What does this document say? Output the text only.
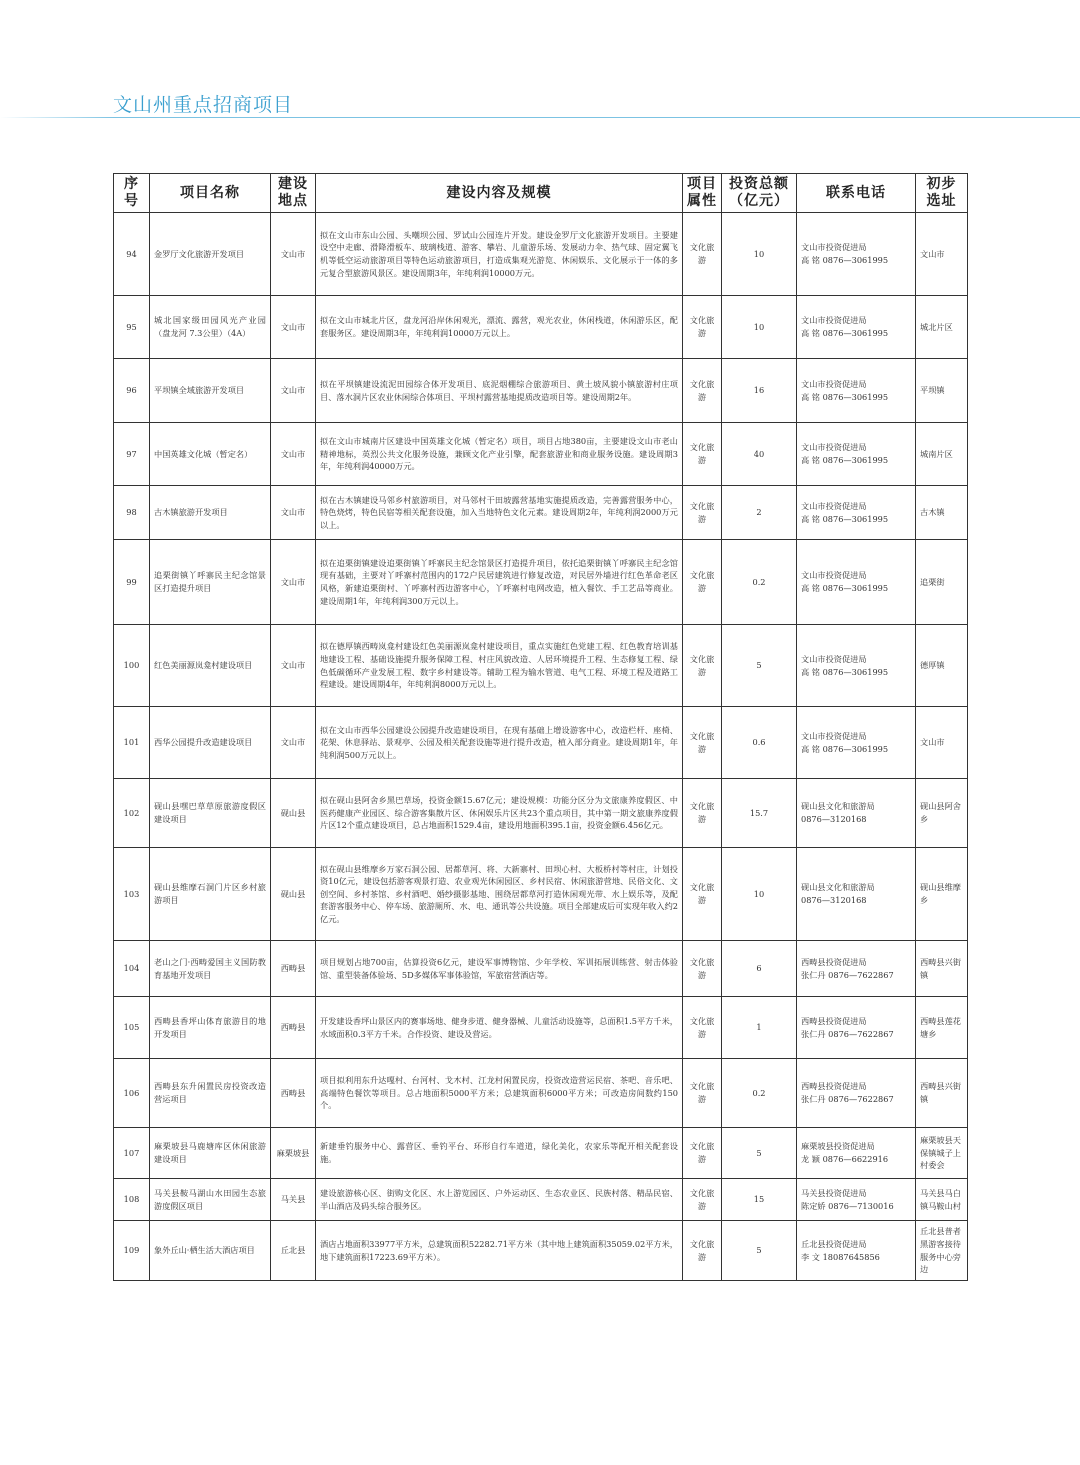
文山州重点招商项目
序号	项目名称	建设
地点	建设内容及规模	项目
属性	投资总额
（亿元）	联系电话	初步
选址

94	金罗厅文化旅游开发项目	文山市	拟在文山市东山公园、头嘲坝公园、罗试山公园连片开发。建设金罗厅文化旅游开发项目。主要建设空中走廊、滑降滑板车、玻璃栈道、游客、攀岩、儿童游乐场、发展动力伞、热气球、固定翼飞机等低空运动旅游项目等特色运动旅游项目，打造成集观光游览、休闲娱乐、文化展示于一体的多元复合型旅游风景区。建设周期3年，年纯利润10000万元。	文化旅游	10	文山市投资促进局
高 铭 0876—3061995	文山市
95	城北国家级田园风光产业园（盘龙河 7.3公里）（4A）	文山市	拟在文山市城北片区，盘龙河沿岸休闲观光，漂流、露营，观光农业，休闲栈道，休闲游乐区，配套服务区。建设周期3年，年纯利润10000万元以上。	文化旅游	10	文山市投资促进局
高 铭 0876—3061995	城北片区
96	平坝镇全域旅游开发项目	文山市	拟在平坝镇建设流泥田园综合体开发项目、底泥烟棚综合旅游项目、黄土坡风貌小镇旅游村庄项目、落水洞片区农业休闲综合体项目、平坝村露营基地提质改造项目等。建设周期2年。	文化旅游	16	文山市投资促进局
高 铭 0876—3061995	平坝镇
97	中国英雄文化城（暂定名）	文山市	拟在文山市城南片区建设中国英雄文化城（暂定名）项目，项目占地380亩，主要建设文山市老山精神地标，英烈公共文化服务设施，兼顾文化产业引擎，配套旅游业和商业服务设施。建设周期3年，年纯利润40000万元。	文化旅游	40	文山市投资促进局
高 铭 0876—3061995	城南片区
98	古木镇旅游开发项目	文山市	拟在古木镇建设马邻乡村旅游项目，对马邻村干田坡露营基地实施提质改造，完善露营服务中心，特色烧烤，特色民宿等相关配套设施，加入当地特色文化元素。建设周期2年，年纯利润2000万元以上。	文化旅游	2	文山市投资促进局
高 铭 0876—3061995	古木镇
99	追栗街镇丫呼寨民主纪念馆景区打造提升项目	文山市	拟在追栗街镇建设追栗街镇丫呼寨民主纪念馆景区打造提升项目，依托追栗街镇丫呼寨民主纪念馆现有基础，主要对丫呼寨村范围内的172户民居建筑进行修复改造，对民居外墙进行红色革命老区风格，新建追栗街村、丫呼寨村西边游客中心，丫呼寨村电网改造，植入餐饮、手工艺品等商业。建设周期1年，年纯利润300万元以上。	文化旅游	0.2	文山市投资促进局
高 铭 0876—3061995	追栗街
100	红色美丽源岚龛村建设项目	文山市	拟在德厚镇西畴岚龛村建设红色美丽源岚龛村建设项目，重点实施红色党建工程、红色教育培训基地建设工程、基础设施提升服务保障工程、村庄风貌改造、人居环境提升工程、生态修复工程、绿色低碳循环产业发展工程、数字乡村建设等。辅助工程为输水管道、电气工程、环境工程及道路工程建设。建设周期4年，年纯利润8000万元以上。	文化旅游	5	文山市投资促进局
高 铭 0876—3061995	德厚镇
101	西华公园提升改造建设项目	文山市	拟在文山市西华公园建设公园提升改造建设项目，在现有基础上增设游客中心，改造栏杆、座椅、花架、休息驿站、景观亭、公园及相关配套设施等进行提升改造，植入部分商业。建设周期1年，年纯利润500万元以上。	文化旅游	0.6	文山市投资促进局
高 铭 0876—3061995	文山市
102	砚山县嘿巴草草原旅游度假区建设项目	砚山县	拟在砚山县阿舍乡黑巴草场，投资金额15.67亿元；建设规模：功能分区分为文旅康养度假区、中医药健康产业园区、综合游客集散片区、休闲娱乐片区共23个重点项目，其中第一期文旅康养度假片区12个重点建设项目，总占地面积1529.4亩，建设用地面积395.1亩，投资金额6.456亿元。	文化旅游	15.7	砚山县文化和旅游局
0876—3120168	砚山县阿舍乡
103	砚山县维摩石洞门片区乡村旅游项目	砚山县	拟在砚山县维摩乡万家石洞公园、居都草河、将、大新寨村、田坝心村、大板桥村等村庄，计划投资10亿元，建设包括游客观景打造、农业观光休闲园区、乡村民宿、休闲旅游营地、民俗文化、文创空间、乡村茶馆、乡村酒吧、婚纱摄影基地、围绕居都草河打造休闲观光带、水上娱乐等，及配套游客服务中心、停车场、旅游厕所、水、电、通讯等公共设施。项目全部建成后可实现年收入约2亿元。	文化旅游	10	砚山县文化和旅游局
0876—3120168	砚山县维摩乡
104	老山之门·西畴爱国主义国防教育基地开发项目	西畴县	项目规划占地700亩，估算投资6亿元，建设军事博物馆、少年学校、军训拓展训练营、射击体验馆、重型装备体验场、5D多媒体军事体验馆，军旅宿营酒店等。	文化旅游	6	西畴县投资促进局
张仁丹 0876—7622867	西畴县兴街镇
105	西畴县香坪山体育旅游目的地开发项目	西畴县	开发建设香坪山景区内的赛事场地、健身步道、健身器械、儿童活动设施等，总面积1.5平方千米，水域面积0.3平方千米。合作投资、建设及营运。	文化旅游	1	西畴县投资促进局
张仁丹 0876—7622867	西畴县莲花塘乡
106	西畴县东升闲置民房投资改造营运项目	西畴县	项目拟利用东升达嘎村、台河村、戈木村、江龙村闲置民房，投资改造营运民宿、茶吧、音乐吧、高端特色餐饮等项目。总占地面积5000平方米；总建筑面积6000平方米；可改造房间数约150个。	文化旅游	0.2	西畴县投资促进局
张仁丹 0876—7622867	西畴县兴街镇
107	麻栗坡县马鹿塘库区休闲旅游建设项目	麻栗坡县	新建垂钓服务中心、露营区、垂钓平台、环形自行车道道，绿化美化，农家乐等配开相关配套设施。	文化旅游	5	麻栗坡县投资促进局
龙 颖 0876—6622916	麻栗坡县天保镇城子上村委会
108	马关县鞍马湖山水田园生态旅游度假区项目	马关县	建设旅游核心区、街购文化区、水上游览园区、户外运动区、生态农业区、民族村落、精品民宿、半山酒店及码头综合服务区。	文化旅游	15	马关县投资促进局
陈定娇 0876—7130016	马关县马白镇马鞍山村
109	象外丘山·栖生活大酒店项目	丘北县	酒店占地面积33977平方米，总建筑面积52282.71平方米（其中地上建筑面积35059.02平方米，地下建筑面积17223.69平方米）。	文化旅游	5	丘北县投资促进局
李 文 18087645856	丘北县普者黑游客接待服务中心旁边
